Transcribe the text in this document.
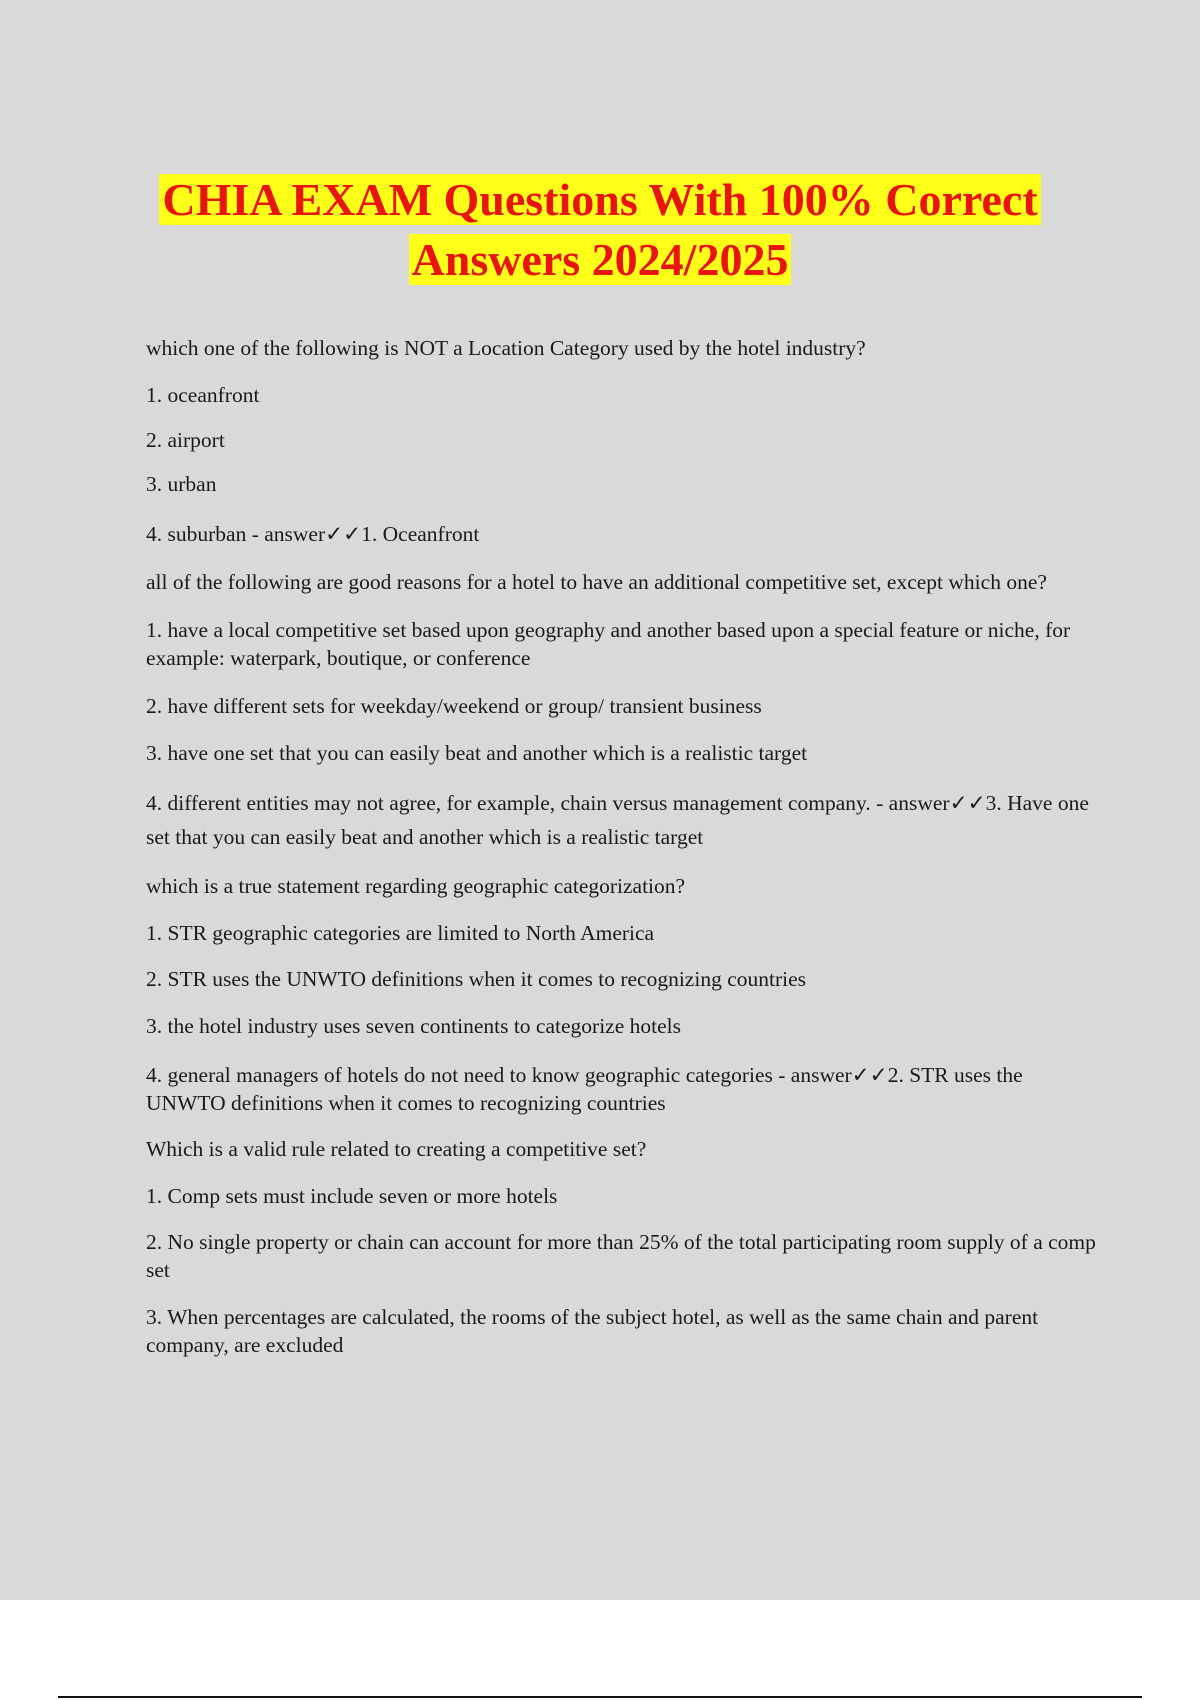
CHIA EXAM Questions With 100% Correct
Answers 2024/2025

which one of the following is NOT a Location Category used by the hotel industry?

1. oceanfront

2. airport

3. urban

4. suburban - answer✓✓1. Oceanfront

all of the following are good reasons for a hotel to have an additional competitive set, except which one?

1. have a local competitive set based upon geography and another based upon a special feature or niche, for example: waterpark, boutique, or conference

2. have different sets for weekday/weekend or group/ transient business

3. have one set that you can easily beat and another which is a realistic target

4. different entities may not agree, for example, chain versus management company. - answer✓✓3. Have one set that you can easily beat and another which is a realistic target

which is a true statement regarding geographic categorization?

1. STR geographic categories are limited to North America

2. STR uses the UNWTO definitions when it comes to recognizing countries

3. the hotel industry uses seven continents to categorize hotels

4. general managers of hotels do not need to know geographic categories - answer✓✓2. STR uses the UNWTO definitions when it comes to recognizing countries

Which is a valid rule related to creating a competitive set?

1. Comp sets must include seven or more hotels

2. No single property or chain can account for more than 25% of the total participating room supply of a comp set

3. When percentages are calculated, the rooms of the subject hotel, as well as the same chain and parent company, are excluded
